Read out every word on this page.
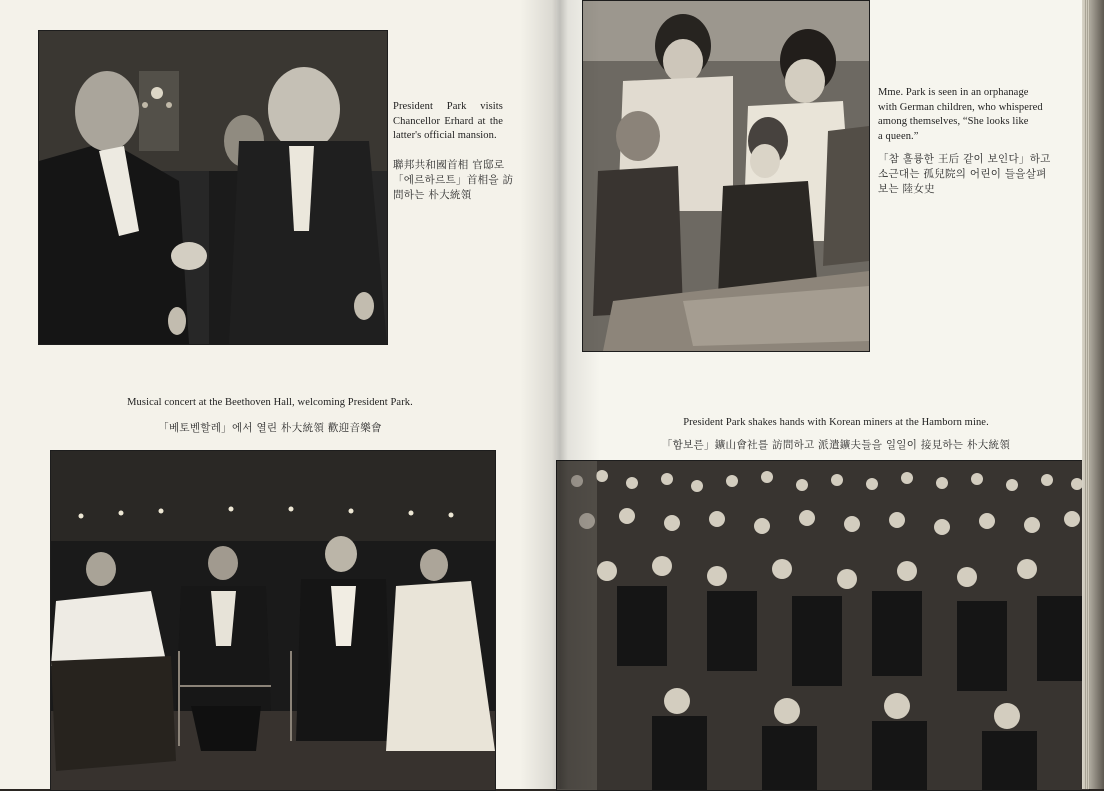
President Park visits Chancellor Erhard at the latter's official mansion.
聯邦共和國首相 官邸로
「에르하르트」首相을 訪
問하는 朴大統領
Musical concert at the Beethoven Hall, welcoming President Park.
「베토벤할레」에서 열린 朴大統領 歡迎音樂會
Mme. Park is seen in an orphanage
with German children, who whispered
among themselves, “She looks like
a queen.”
「참 훌륭한 王后 같이 보인다」하고
소근대는 孤兒院의 어린이 들을살펴
보는 陸女史
President Park shakes hands with Korean miners at the Hamborn mine.
「함보른」鑛山會社를 訪問하고 派遣鑛夫들을 일일이 接見하는 朴大統領
